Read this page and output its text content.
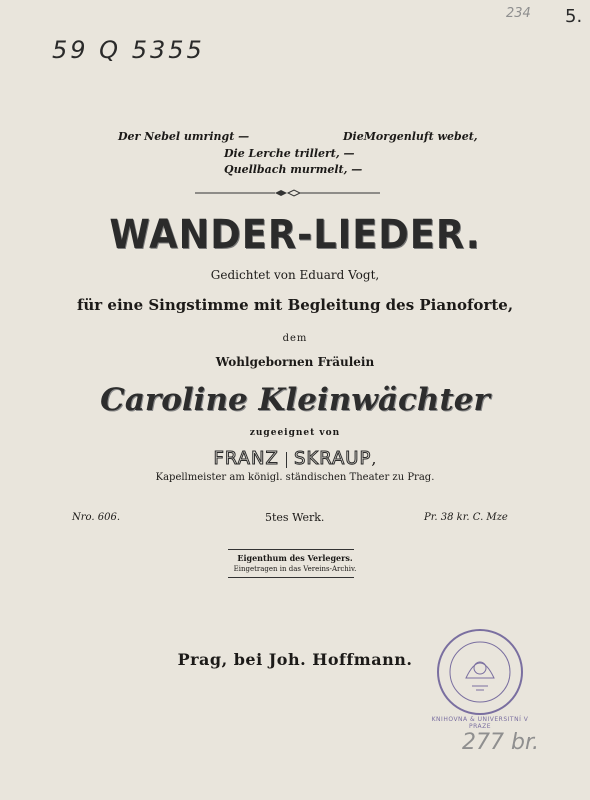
59 Q 5355
234 5.
Der Nebel umringt —	DieMorgenluft webet,
Die Lerche trillert, —
Quellbach murmelt, —
WANDER-LIEDER.
Gedichtet von Eduard Vogt,
für eine Singstimme mit Begleitung des Pianoforte,
dem
Wohlgebornen Fräulein
Caroline Kleinwächter
zugeeignet von
FRANZ SKRAUP,
Kapellmeister am königl. ständischen Theater zu Prag.
Nro. 606.	5tes Werk.	Pr. 38 kr. C. Mze
Eigenthum des Verlegers.
Eingetragen in das Vereins-Archiv.
Prag, bei Joh. Hoffmann.
KNIHOVNA & UNIVERSITNÍ V PRAZE
277 br.
